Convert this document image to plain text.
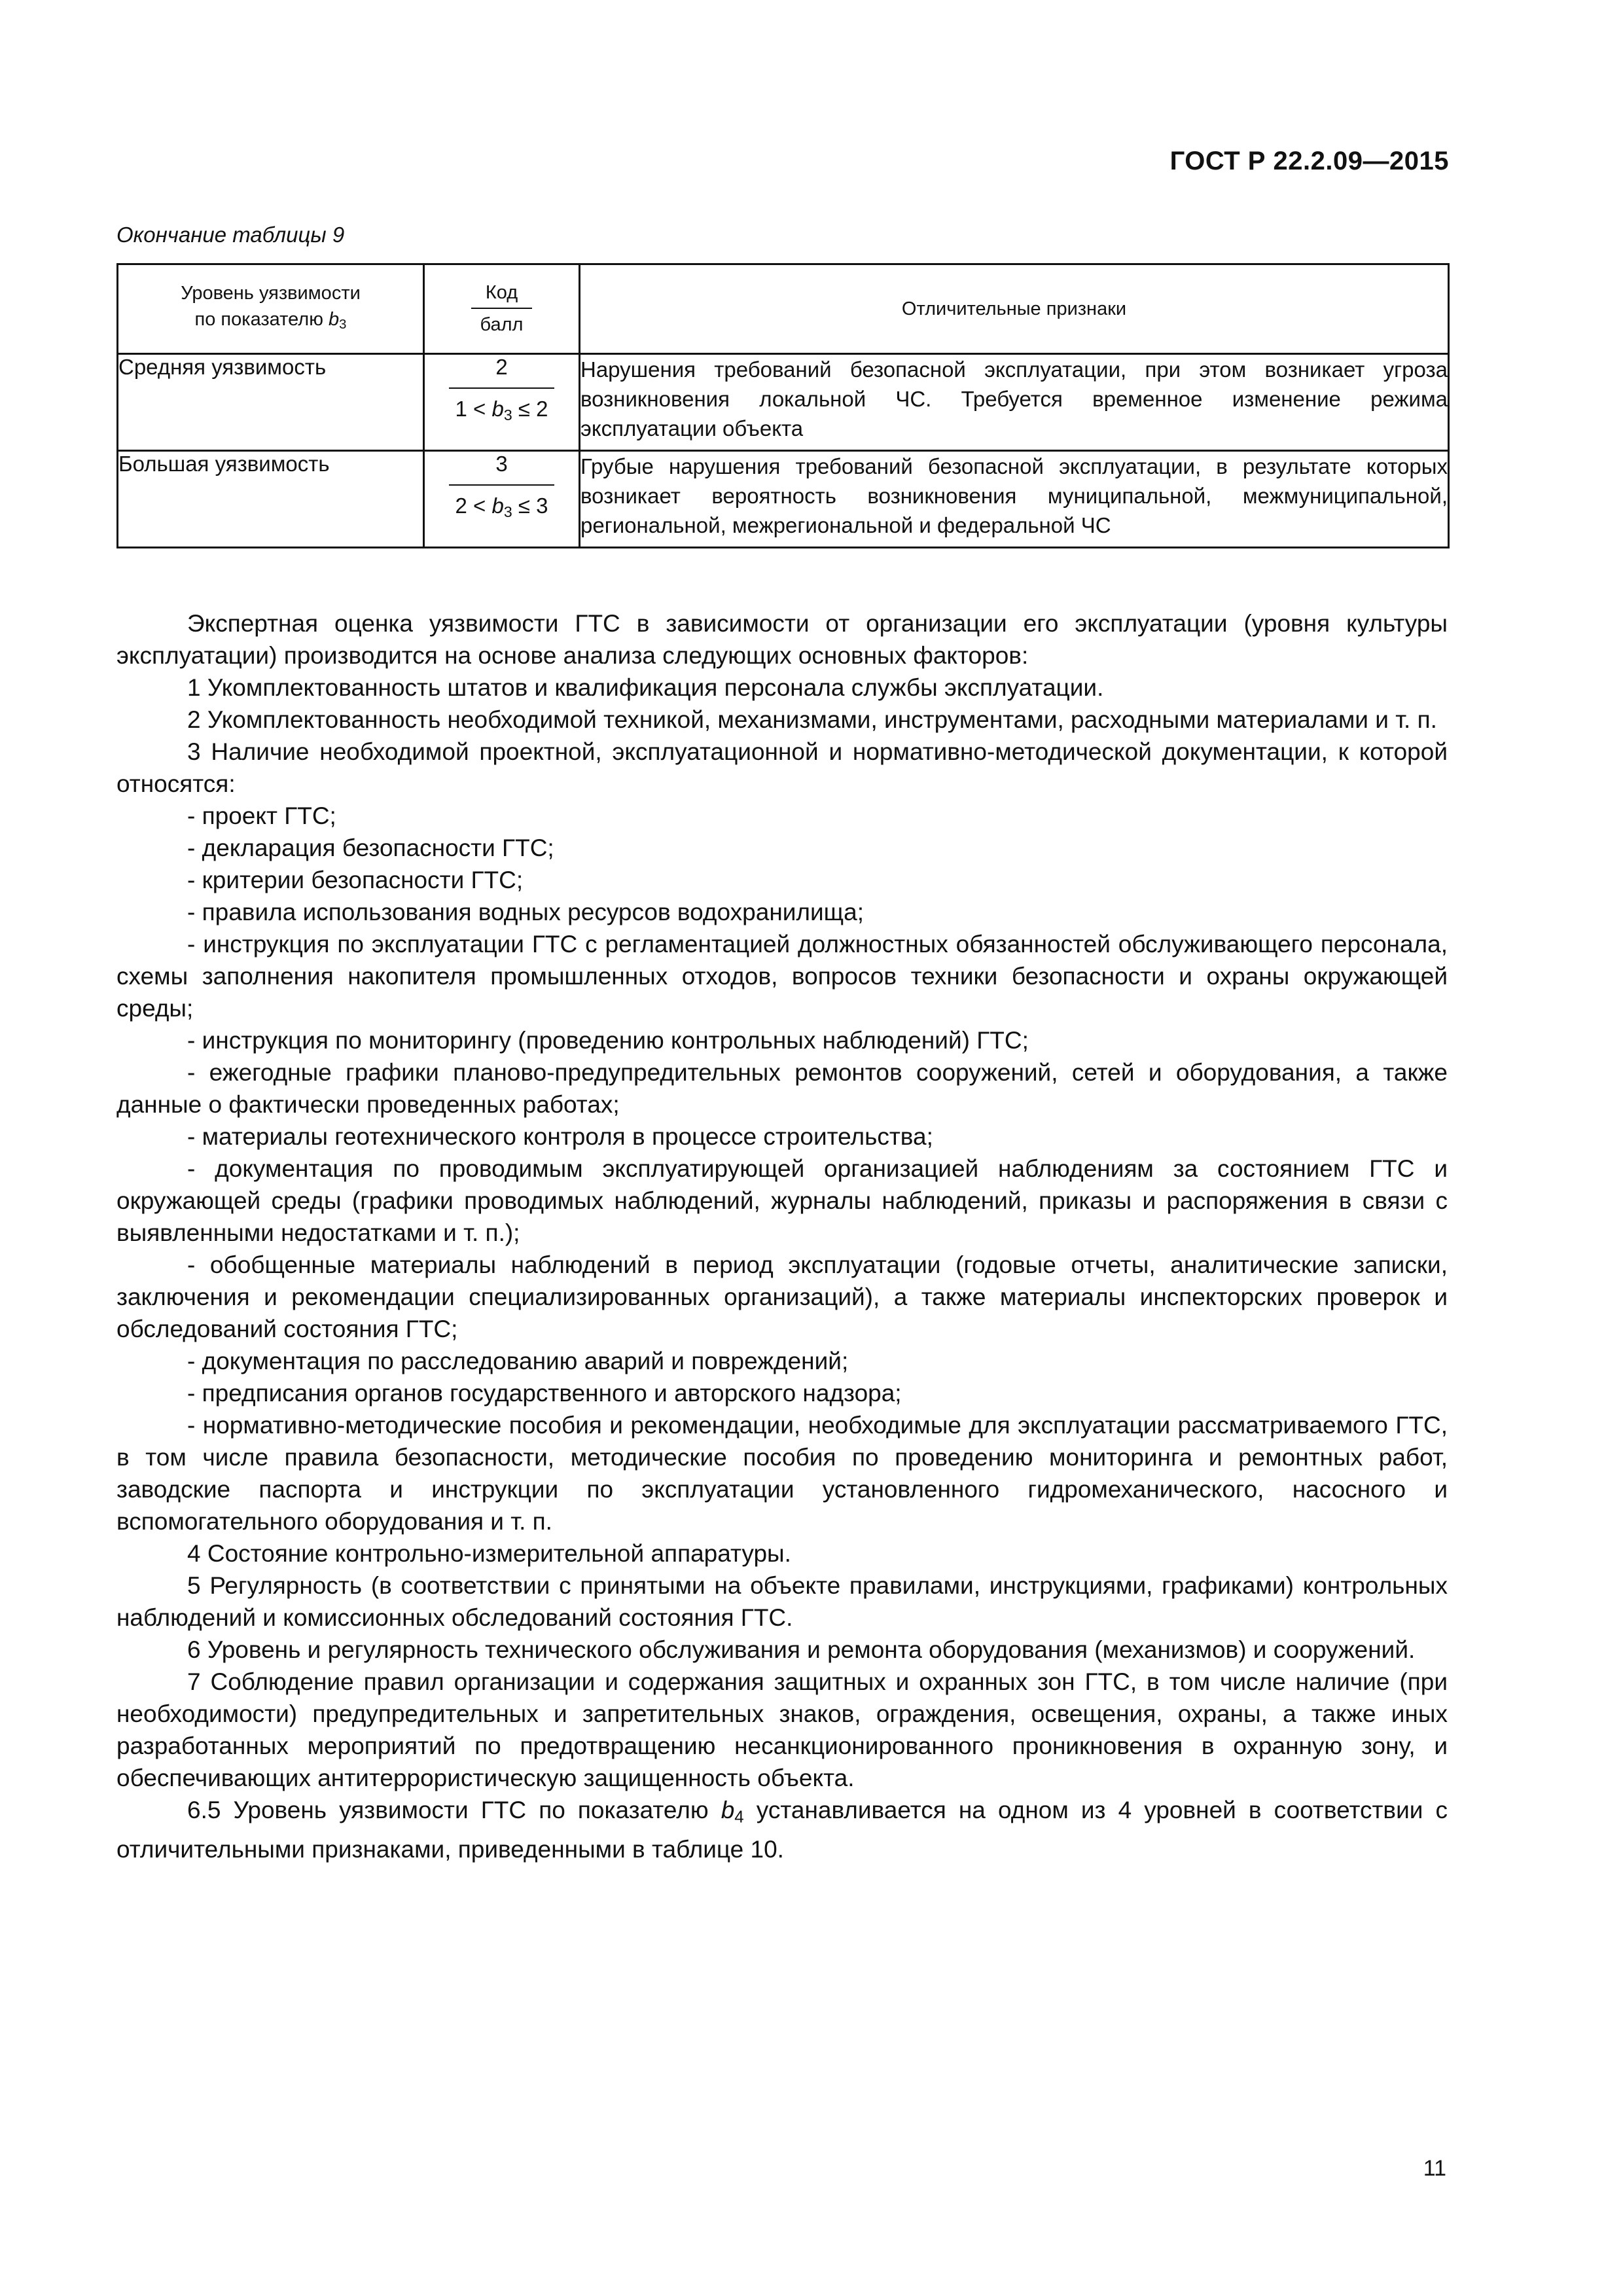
ГОСТ Р 22.2.09—2015
Окончание таблицы 9
Уровень уязвимости
по показателю $b_3$	$\frac{\text{Код}}{\text{балл}}$	Отличительные признаки
Средняя уязвимость	$\frac{2}{1 < b_3 \le 2}$	Нарушения требований безопасной эксплуатации, при этом возникает угроза возникновения локальной ЧС. Требуется временное изменение режима эксплуатации объекта
Большая уязвимость	$\frac{3}{2 < b_3 \le 3}$	Грубые нарушения требований безопасной эксплуатации, в результате которых возникает вероятность возникновения муниципальной, межмуниципальной, региональной, межрегиональной и федеральной ЧС

Экспертная оценка уязвимости ГТС в зависимости от организации его эксплуатации (уровня культуры эксплуатации) производится на основе анализа следующих основных факторов:

1 Укомплектованность штатов и квалификация персонала службы эксплуатации.

2 Укомплектованность необходимой техникой, механизмами, инструментами, расходными материалами и т. п.

3 Наличие необходимой проектной, эксплуатационной и нормативно-методической документации, к которой относятся:

- проект ГТС;

- декларация безопасности ГТС;

- критерии безопасности ГТС;

- правила использования водных ресурсов водохранилища;

- инструкция по эксплуатации ГТС с регламентацией должностных обязанностей обслуживающего персонала, схемы заполнения накопителя промышленных отходов, вопросов техники безопасности и охраны окружающей среды;

- инструкция по мониторингу (проведению контрольных наблюдений) ГТС;

- ежегодные графики планово-предупредительных ремонтов сооружений, сетей и оборудования, а также данные о фактически проведенных работах;

- материалы геотехнического контроля в процессе строительства;

- документация по проводимым эксплуатирующей организацией наблюдениям за состоянием ГТС и окружающей среды (графики проводимых наблюдений, журналы наблюдений, приказы и распоряжения в связи с выявленными недостатками и т. п.);

- обобщенные материалы наблюдений в период эксплуатации (годовые отчеты, аналитические записки, заключения и рекомендации специализированных организаций), а также материалы инспекторских проверок и обследований состояния ГТС;

- документация по расследованию аварий и повреждений;

- предписания органов государственного и авторского надзора;

- нормативно-методические пособия и рекомендации, необходимые для эксплуатации рассматриваемого ГТС, в том числе правила безопасности, методические пособия по проведению мониторинга и ремонтных работ, заводские паспорта и инструкции по эксплуатации установленного гидромеханического, насосного и вспомогательного оборудования и т. п.

4 Состояние контрольно-измерительной аппаратуры.

5 Регулярность (в соответствии с принятыми на объекте правилами, инструкциями, графиками) контрольных наблюдений и комиссионных обследований состояния ГТС.

6 Уровень и регулярность технического обслуживания и ремонта оборудования (механизмов) и сооружений.

7 Соблюдение правил организации и содержания защитных и охранных зон ГТС, в том числе наличие (при необходимости) предупредительных и запретительных знаков, ограждения, освещения, охраны, а также иных разработанных мероприятий по предотвращению несанкционированного проникновения в охранную зону, и обеспечивающих антитеррористическую защищенность объекта.

6.5 Уровень уязвимости ГТС по показателю $b_4$ устанавливается на одном из 4 уровней в соответствии с отличительными признаками, приведенными в таблице 10.

11
